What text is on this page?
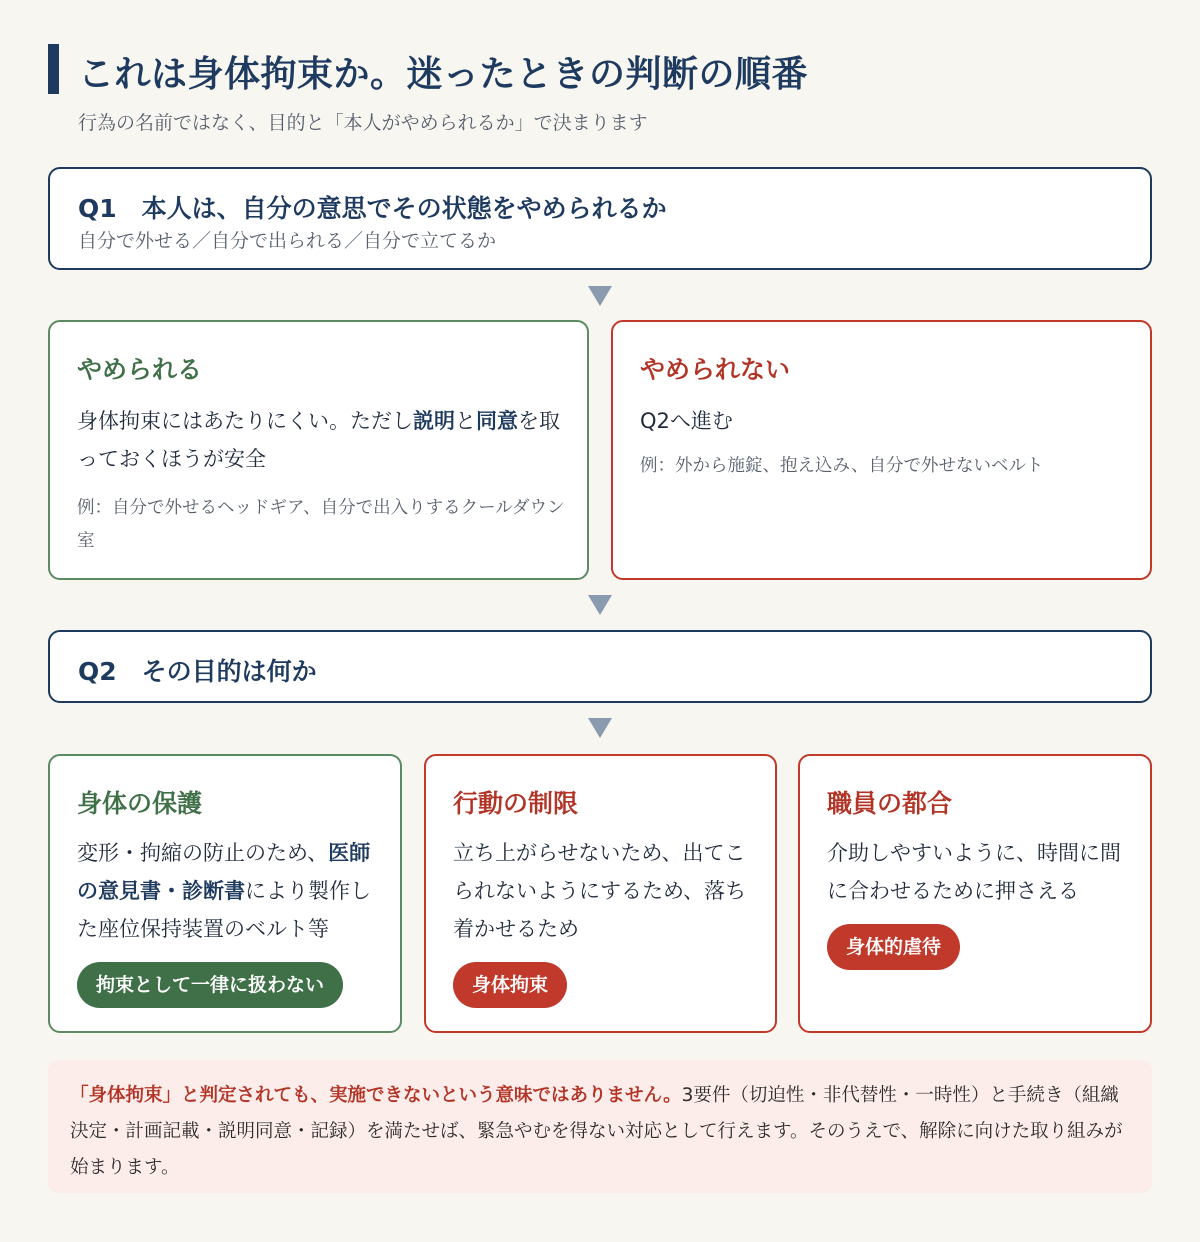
これは身体拘束か。迷ったときの判断の順番
行為の名前ではなく、目的と「本人がやめられるか」で決まります
Q1　本人は、自分の意思でその状態をやめられるか
自分で外せる／自分で出られる／自分で立てるか
やめられる
身体拘束にはあたりにくい。ただし説明と同意を取っておくほうが安全
例：自分で外せるヘッドギア、自分で出入りするクールダウン室
やめられない
Q2へ進む
例：外から施錠、抱え込み、自分で外せないベルト
Q2　その目的は何か
身体の保護
変形・拘縮の防止のため、医師の意見書・診断書により製作した座位保持装置のベルト等
拘束として一律に扱わない
行動の制限
立ち上がらせないため、出てこられないようにするため、落ち着かせるため
身体拘束
職員の都合
介助しやすいように、時間に間に合わせるために押さえる
身体的虐待
「身体拘束」と判定されても、実施できないという意味ではありません。3要件（切迫性・非代替性・一時性）と手続き（組織決定・計画記載・説明同意・記録）を満たせば、緊急やむを得ない対応として行えます。そのうえで、解除に向けた取り組みが始まります。
